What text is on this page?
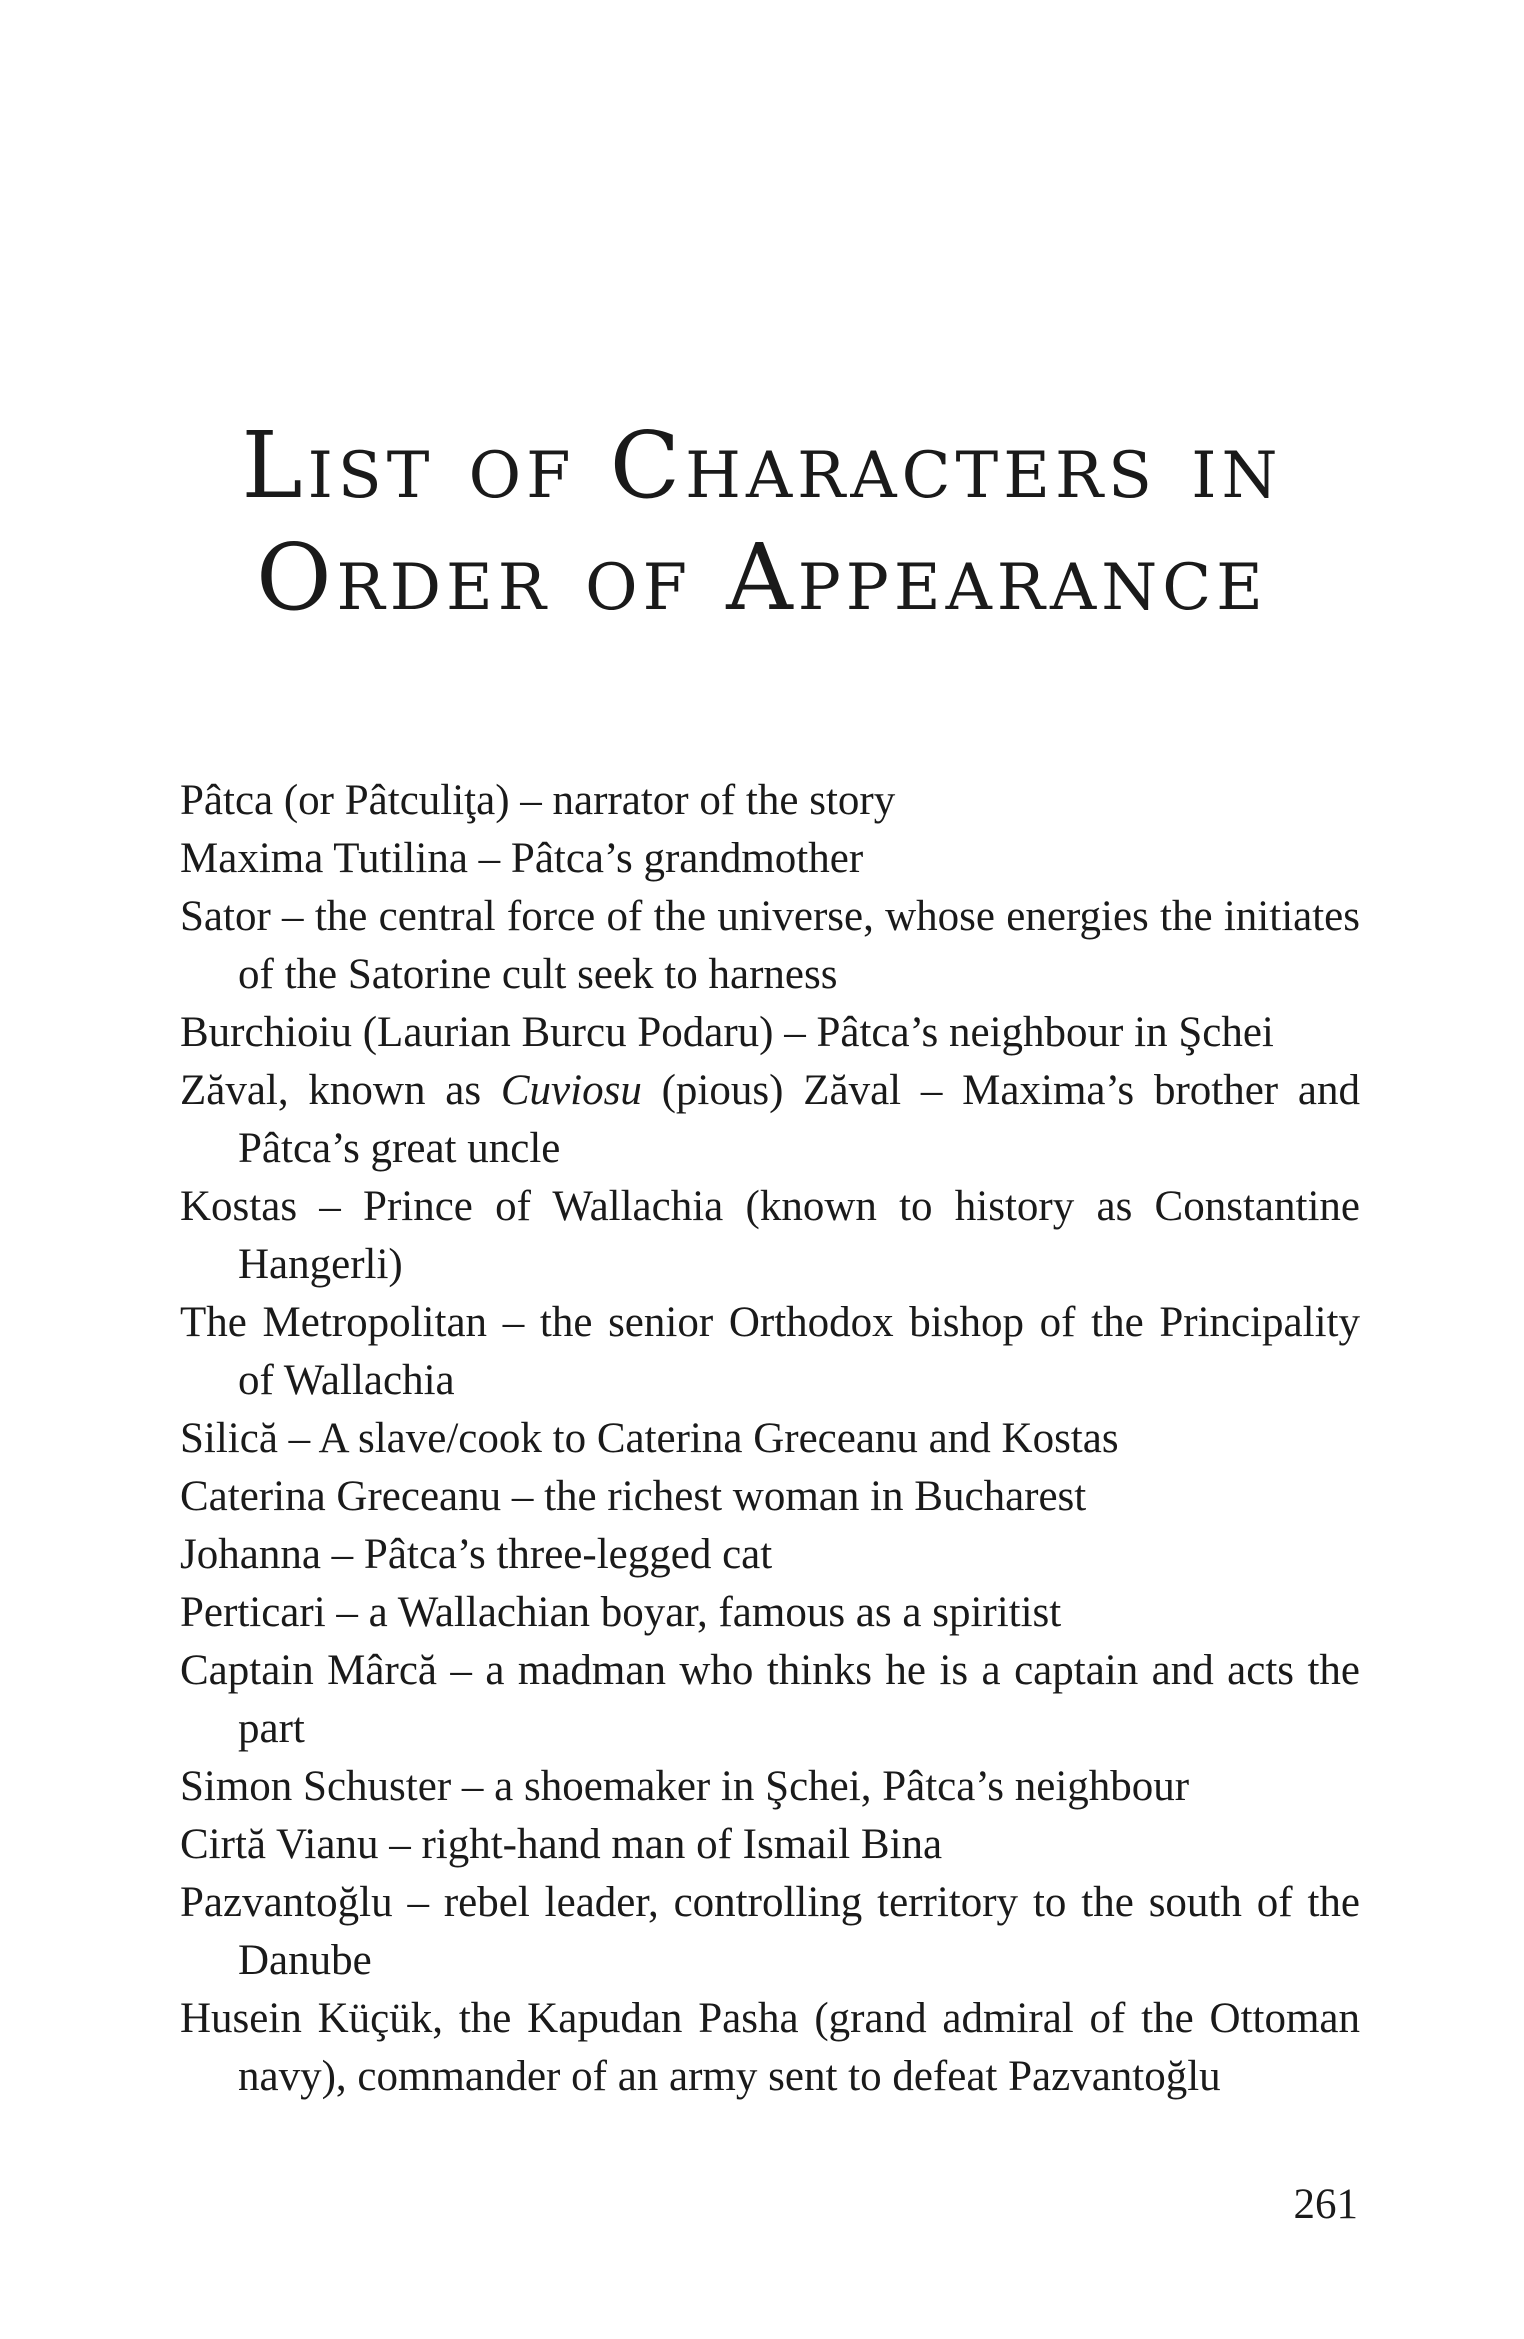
List of Characters in
Order of Appearance
Pâtca (or Pâtculiţa) – narrator of the story
Maxima Tutilina – Pâtca’s grandmother
Sator – the central force of the universe, whose energies the initiates of the Satorine cult seek to harness
Burchioiu (Laurian Burcu Podaru) – Pâtca’s neighbour in Şchei
Zăval, known as Cuviosu (pious) Zăval – Maxima’s brother and Pâtca’s great uncle
Kostas – Prince of Wallachia (known to history as Constantine Hangerli)
The Metropolitan – the senior Orthodox bishop of the Principality of Wallachia
Silică – A slave/cook to Caterina Greceanu and Kostas
Caterina Greceanu – the richest woman in Bucharest
Johanna – Pâtca’s three-legged cat
Perticari – a Wallachian boyar, famous as a spiritist
Captain Mârcă – a madman who thinks he is a captain and acts the part
Simon Schuster – a shoemaker in Şchei, Pâtca’s neighbour
Cirtă Vianu – right-hand man of Ismail Bina
Pazvantoğlu – rebel leader, controlling territory to the south of the Danube
Husein Küçük, the Kapudan Pasha (grand admiral of the Ottoman navy), commander of an army sent to defeat Pazvantoğlu
261
